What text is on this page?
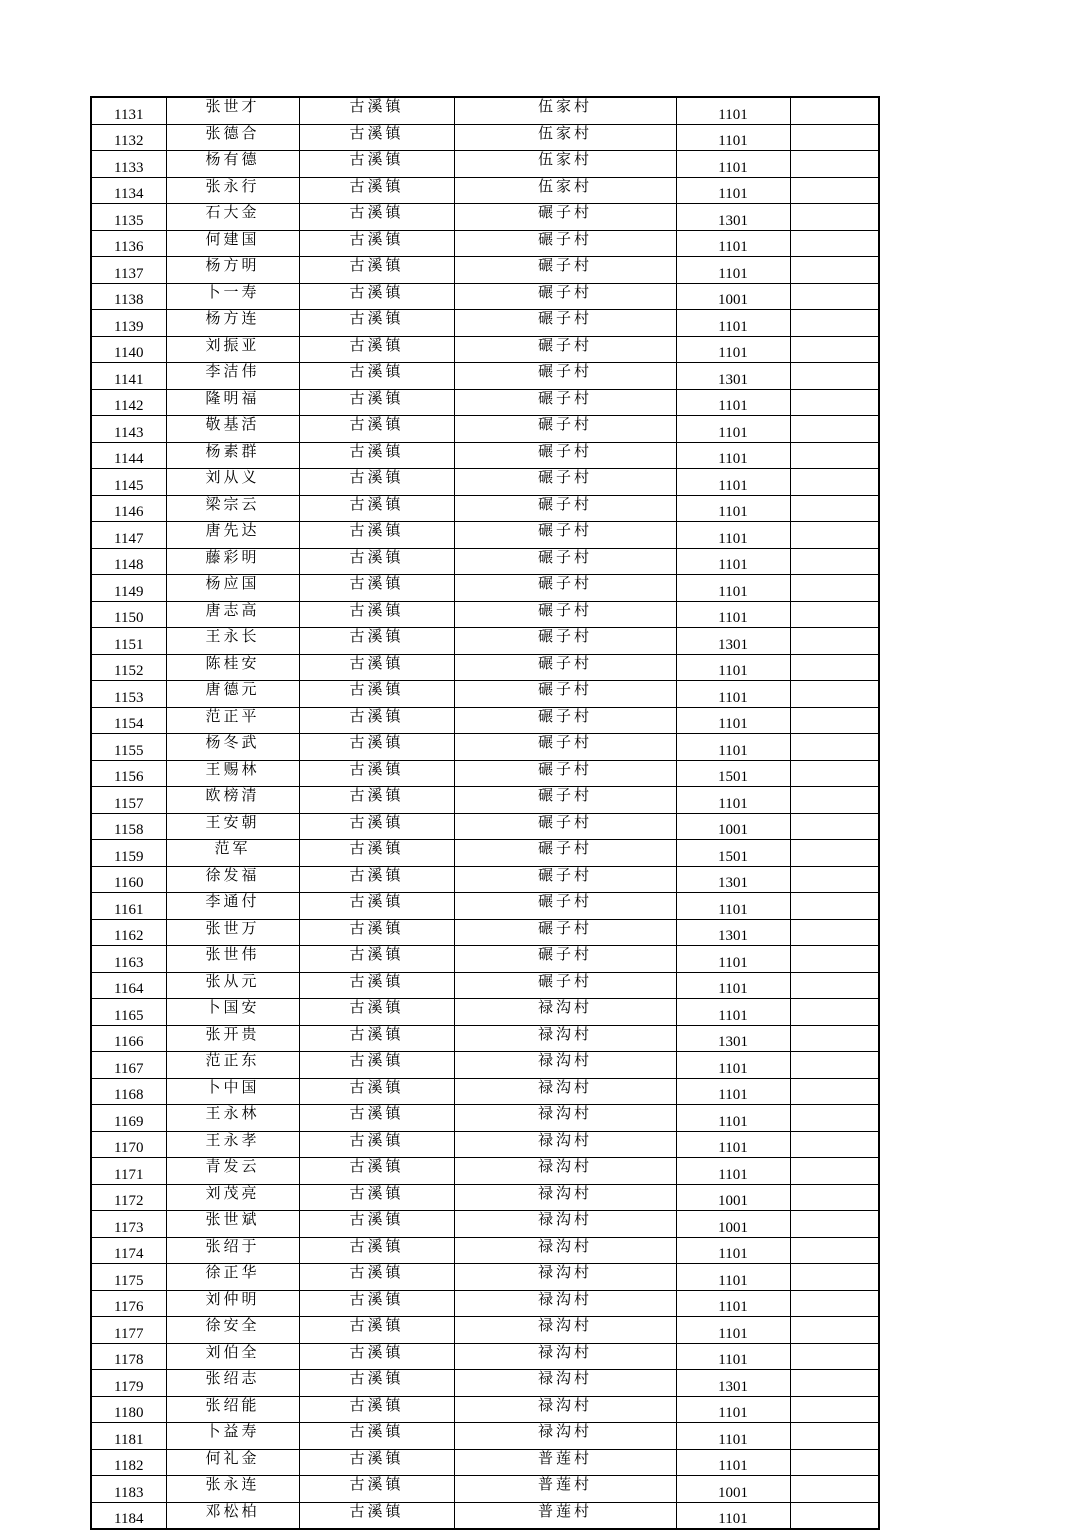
1131	张世才	古溪镇	伍家村	1101	
1132	张德合	古溪镇	伍家村	1101	
1133	杨有德	古溪镇	伍家村	1101	
1134	张永行	古溪镇	伍家村	1101	
1135	石大金	古溪镇	碾子村	1301	
1136	何建国	古溪镇	碾子村	1101	
1137	杨方明	古溪镇	碾子村	1101	
1138	卜一寿	古溪镇	碾子村	1001	
1139	杨方连	古溪镇	碾子村	1101	
1140	刘振亚	古溪镇	碾子村	1101	
1141	李洁伟	古溪镇	碾子村	1301	
1142	隆明福	古溪镇	碾子村	1101	
1143	敬基活	古溪镇	碾子村	1101	
1144	杨素群	古溪镇	碾子村	1101	
1145	刘从义	古溪镇	碾子村	1101	
1146	梁宗云	古溪镇	碾子村	1101	
1147	唐先达	古溪镇	碾子村	1101	
1148	藤彩明	古溪镇	碾子村	1101	
1149	杨应国	古溪镇	碾子村	1101	
1150	唐志高	古溪镇	碾子村	1101	
1151	王永长	古溪镇	碾子村	1301	
1152	陈桂安	古溪镇	碾子村	1101	
1153	唐德元	古溪镇	碾子村	1101	
1154	范正平	古溪镇	碾子村	1101	
1155	杨冬武	古溪镇	碾子村	1101	
1156	王赐林	古溪镇	碾子村	1501	
1157	欧榜清	古溪镇	碾子村	1101	
1158	王安朝	古溪镇	碾子村	1001	
1159	范军	古溪镇	碾子村	1501	
1160	徐发福	古溪镇	碾子村	1301	
1161	李通付	古溪镇	碾子村	1101	
1162	张世万	古溪镇	碾子村	1301	
1163	张世伟	古溪镇	碾子村	1101	
1164	张从元	古溪镇	碾子村	1101	
1165	卜国安	古溪镇	禄沟村	1101	
1166	张开贵	古溪镇	禄沟村	1301	
1167	范正东	古溪镇	禄沟村	1101	
1168	卜中国	古溪镇	禄沟村	1101	
1169	王永林	古溪镇	禄沟村	1101	
1170	王永孝	古溪镇	禄沟村	1101	
1171	青发云	古溪镇	禄沟村	1101	
1172	刘茂亮	古溪镇	禄沟村	1001	
1173	张世斌	古溪镇	禄沟村	1001	
1174	张绍于	古溪镇	禄沟村	1101	
1175	徐正华	古溪镇	禄沟村	1101	
1176	刘仲明	古溪镇	禄沟村	1101	
1177	徐安全	古溪镇	禄沟村	1101	
1178	刘伯全	古溪镇	禄沟村	1101	
1179	张绍志	古溪镇	禄沟村	1301	
1180	张绍能	古溪镇	禄沟村	1101	
1181	卜益寿	古溪镇	禄沟村	1101	
1182	何礼金	古溪镇	普莲村	1101	
1183	张永连	古溪镇	普莲村	1001	
1184	邓松柏	古溪镇	普莲村	1101	
